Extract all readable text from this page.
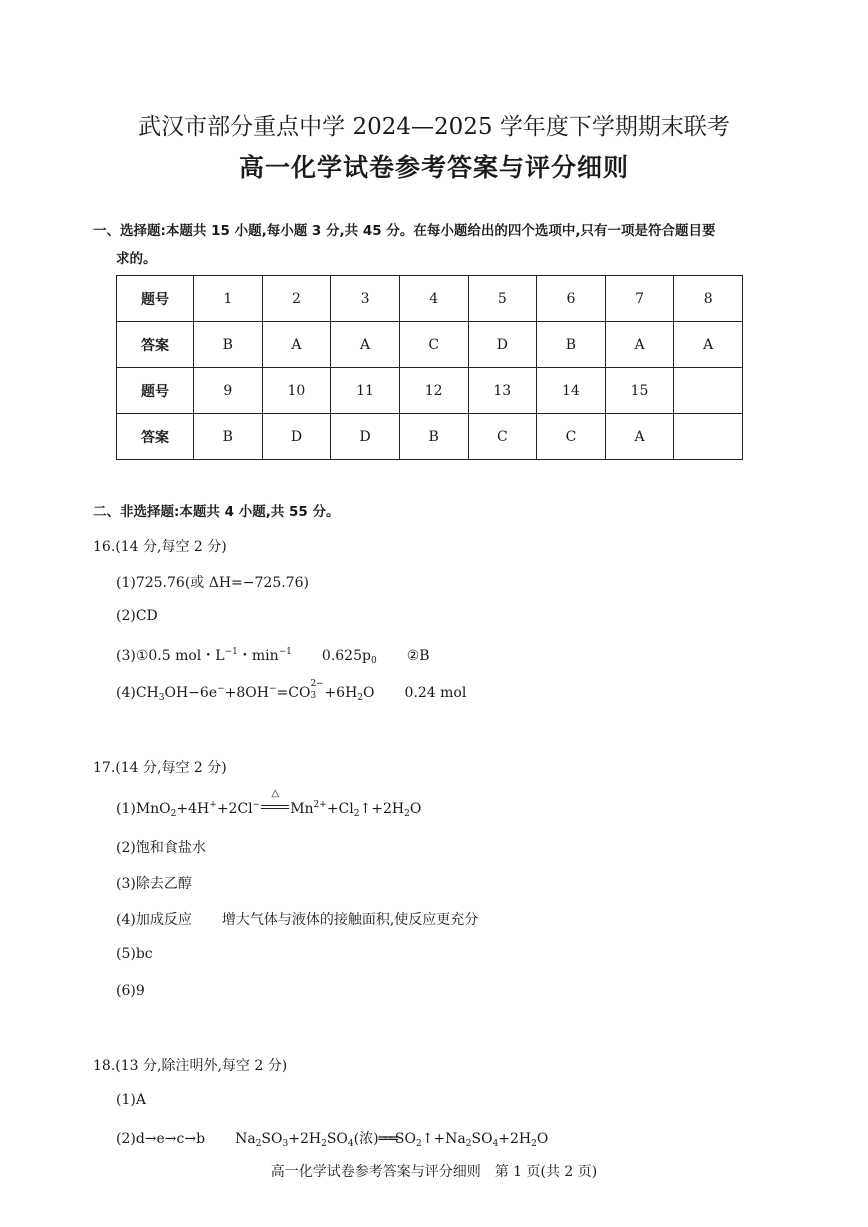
武汉市部分重点中学 2024—2025 学年度下学期期末联考
高一化学试卷参考答案与评分细则
一、选择题:本题共 15 小题,每小题 3 分,共 45 分。在每小题给出的四个选项中,只有一项是符合题目要
求的。
题号	1	2	3	4	5	6	7	8
答案	B	A	A	C	D	B	A	A
题号	9	10	11	12	13	14	15	
答案	B	D	D	B	C	C	A	
二、非选择题:本题共 4 小题,共 55 分。
16.(14 分,每空 2 分)
(1)725.76(或 ΔH=−725.76)
(2)CD
(3)①0.5 mol・$L^{-1}$・$\min^{-1} 0.625p_0$ ②B
$(4)CH_3OH-6e^-+8OH^-=CO$
2−
$3 +6H_2O$ 0.24 mol
17.(14 分,每空 2 分)
(1)MnO$_2$+4H++2Cl−
△
$Mn^{2+}+Cl_2↑+2H_2O$
(2)饱和食盐水
(3)除去乙醇
(4)加成反应 增大气体与液体的接触面积,使反应更充分
(5)bc
(6)9
18.(13 分,除注明外,每空 2 分)
(1)A
(2)d→e→c→b $Na_2SO_3+2H_2SO_4$(浓)$═══SO_2↑+Na_2SO_4+2H_2O$
高一化学试卷参考答案与评分细则　第 1 页(共 2 页)
